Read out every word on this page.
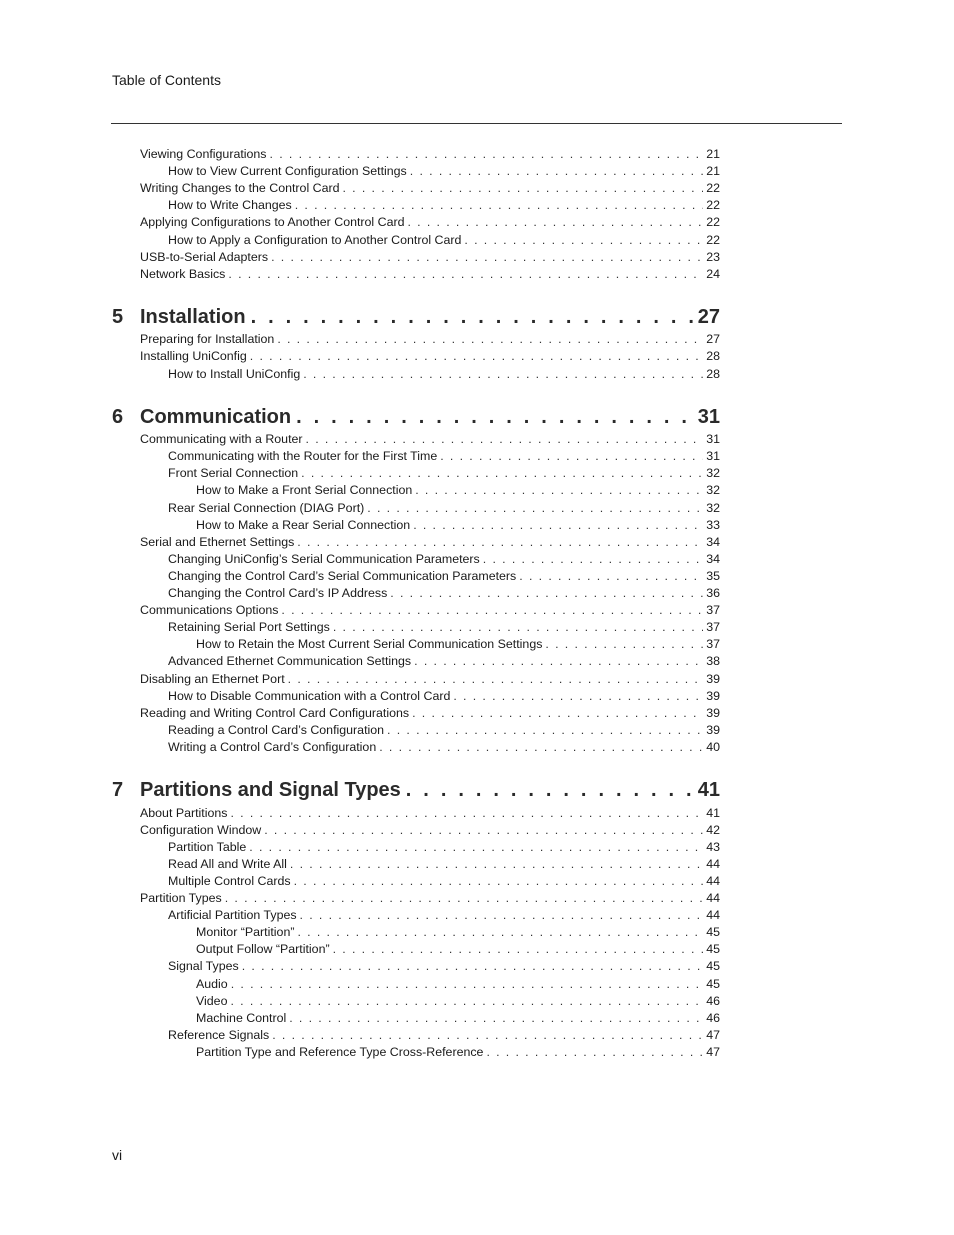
Table of Contents
Viewing Configurations . . .	21
How to View Current Configuration Settings . . .	21
Writing Changes to the Control Card . . .	22
How to Write Changes . . .	22
Applying Configurations to Another Control Card . . .	22
How to Apply a Configuration to Another Control Card . . .	22
USB-to-Serial Adapters . . .	23
Network Basics . . .	24
5 Installation . . .	27
Preparing for Installation . . .	27
Installing UniConfig . . .	28
How to Install UniConfig . . .	28
6 Communication . . .	31
Communicating with a Router . . .	31
Communicating with the Router for the First Time . . .	31
Front Serial Connection . . .	32
How to Make a Front Serial Connection . . .	32
Rear Serial Connection (DIAG Port) . . .	32
How to Make a Rear Serial Connection . . .	33
Serial and Ethernet Settings . . .	34
Changing UniConfig’s Serial Communication Parameters . . .	34
Changing the Control Card’s Serial Communication Parameters . . .	35
Changing the Control Card’s IP Address . . .	36
Communications Options . . .	37
Retaining Serial Port Settings . . .	37
How to Retain the Most Current Serial Communication Settings . . .	37
Advanced Ethernet Communication Settings . . .	38
Disabling an Ethernet Port . . .	39
How to Disable Communication with a Control Card . . .	39
Reading and Writing Control Card Configurations . . .	39
Reading a Control Card’s Configuration . . .	39
Writing a Control Card’s Configuration . . .	40
7 Partitions and Signal Types . . .	41
About Partitions . . .	41
Configuration Window . . .	42
Partition Table . . .	43
Read All and Write All . . .	44
Multiple Control Cards . . .	44
Partition Types . . .	44
Artificial Partition Types . . .	44
Monitor “Partition” . . .	45
Output Follow “Partition” . . .	45
Signal Types . . .	45
Audio . . .	45
Video . . .	46
Machine Control . . .	46
Reference Signals . . .	47
Partition Type and Reference Type Cross-Reference . . .	47
vi
